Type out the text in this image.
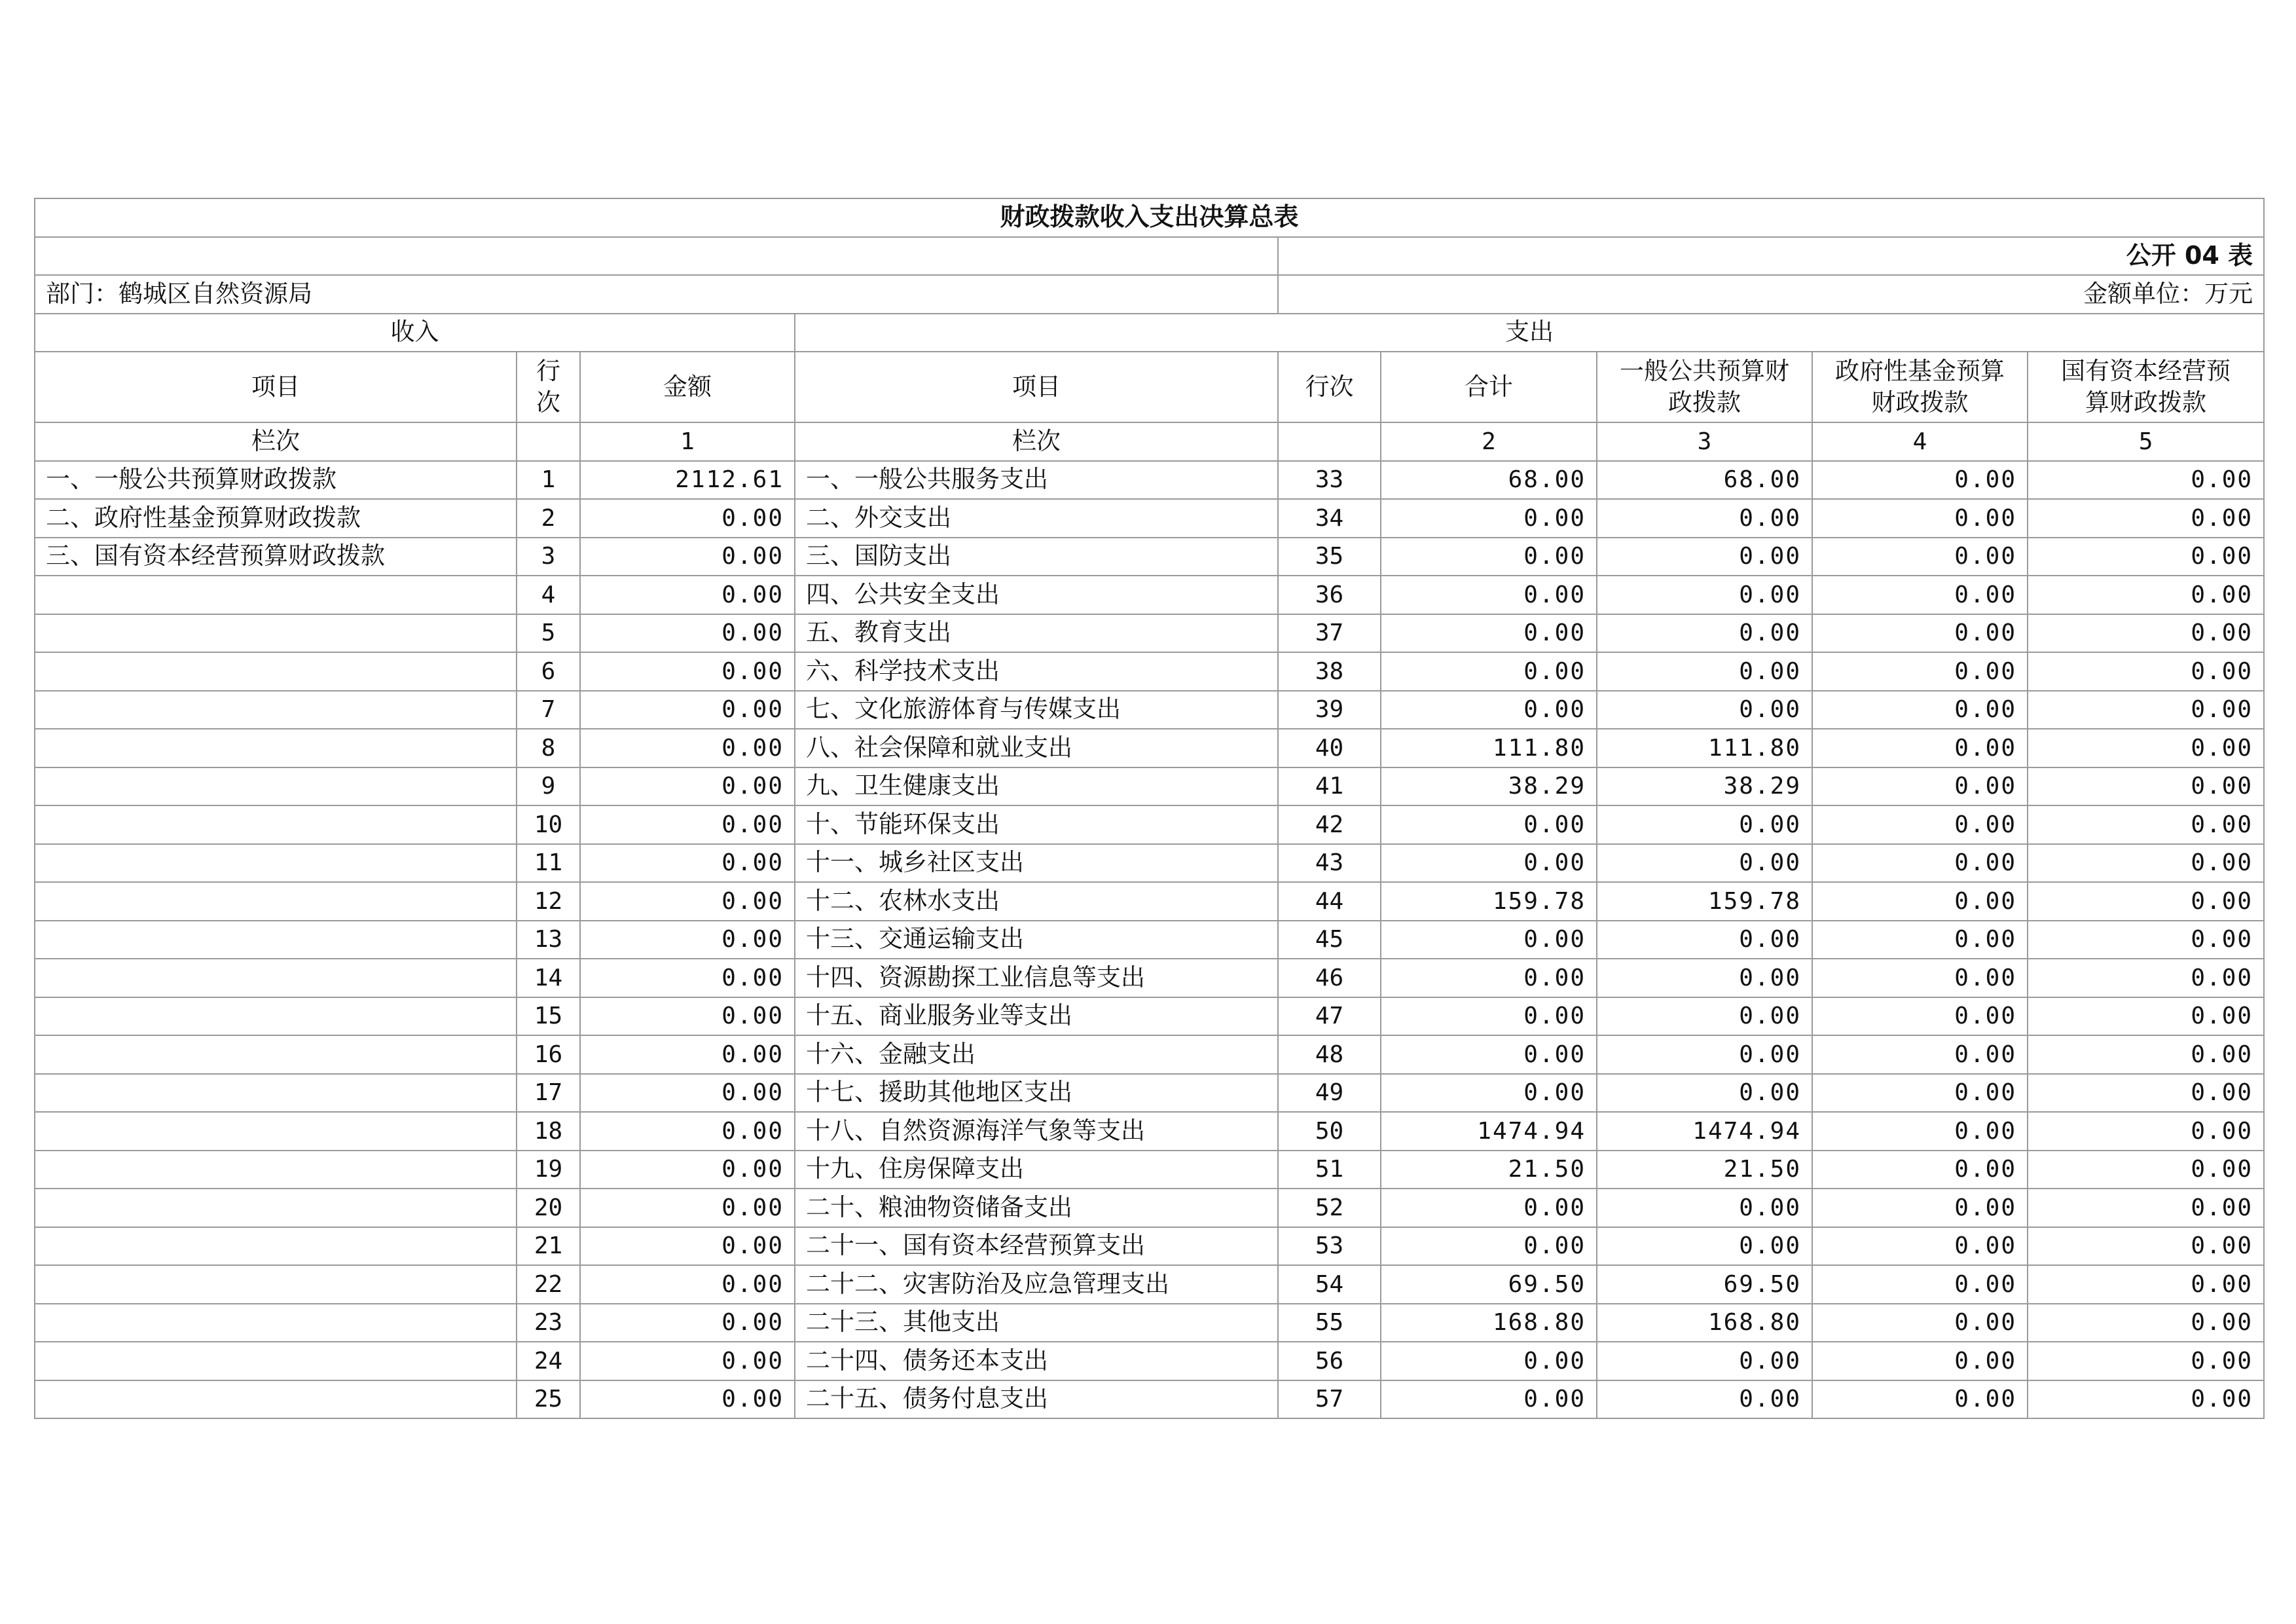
财政拨款收入支出决算总表								
				公开 04 表				
部门：鹤城区自然资源局				金额单位：万元				
收入			支出					
项目	行次	金额	项目	行次	合计	一般公共预算财政拨款	政府性基金预算财政拨款	国有资本经营预算财政拨款
栏次		1	栏次		2	3	4	5
一、一般公共预算财政拨款	1	2112.61	一、一般公共服务支出	33	68.00	68.00	0.00	0.00
二、政府性基金预算财政拨款	2	0.00	二、外交支出	34	0.00	0.00	0.00	0.00
三、国有资本经营预算财政拨款	3	0.00	三、国防支出	35	0.00	0.00	0.00	0.00
	4	0.00	四、公共安全支出	36	0.00	0.00	0.00	0.00
	5	0.00	五、教育支出	37	0.00	0.00	0.00	0.00
	6	0.00	六、科学技术支出	38	0.00	0.00	0.00	0.00
	7	0.00	七、文化旅游体育与传媒支出	39	0.00	0.00	0.00	0.00
	8	0.00	八、社会保障和就业支出	40	111.80	111.80	0.00	0.00
	9	0.00	九、卫生健康支出	41	38.29	38.29	0.00	0.00
	10	0.00	十、节能环保支出	42	0.00	0.00	0.00	0.00
	11	0.00	十一、城乡社区支出	43	0.00	0.00	0.00	0.00
	12	0.00	十二、农林水支出	44	159.78	159.78	0.00	0.00
	13	0.00	十三、交通运输支出	45	0.00	0.00	0.00	0.00
	14	0.00	十四、资源勘探工业信息等支出	46	0.00	0.00	0.00	0.00
	15	0.00	十五、商业服务业等支出	47	0.00	0.00	0.00	0.00
	16	0.00	十六、金融支出	48	0.00	0.00	0.00	0.00
	17	0.00	十七、援助其他地区支出	49	0.00	0.00	0.00	0.00
	18	0.00	十八、自然资源海洋气象等支出	50	1474.94	1474.94	0.00	0.00
	19	0.00	十九、住房保障支出	51	21.50	21.50	0.00	0.00
	20	0.00	二十、粮油物资储备支出	52	0.00	0.00	0.00	0.00
	21	0.00	二十一、国有资本经营预算支出	53	0.00	0.00	0.00	0.00
	22	0.00	二十二、灾害防治及应急管理支出	54	69.50	69.50	0.00	0.00
	23	0.00	二十三、其他支出	55	168.80	168.80	0.00	0.00
	24	0.00	二十四、债务还本支出	56	0.00	0.00	0.00	0.00
	25	0.00	二十五、债务付息支出	57	0.00	0.00	0.00	0.00
